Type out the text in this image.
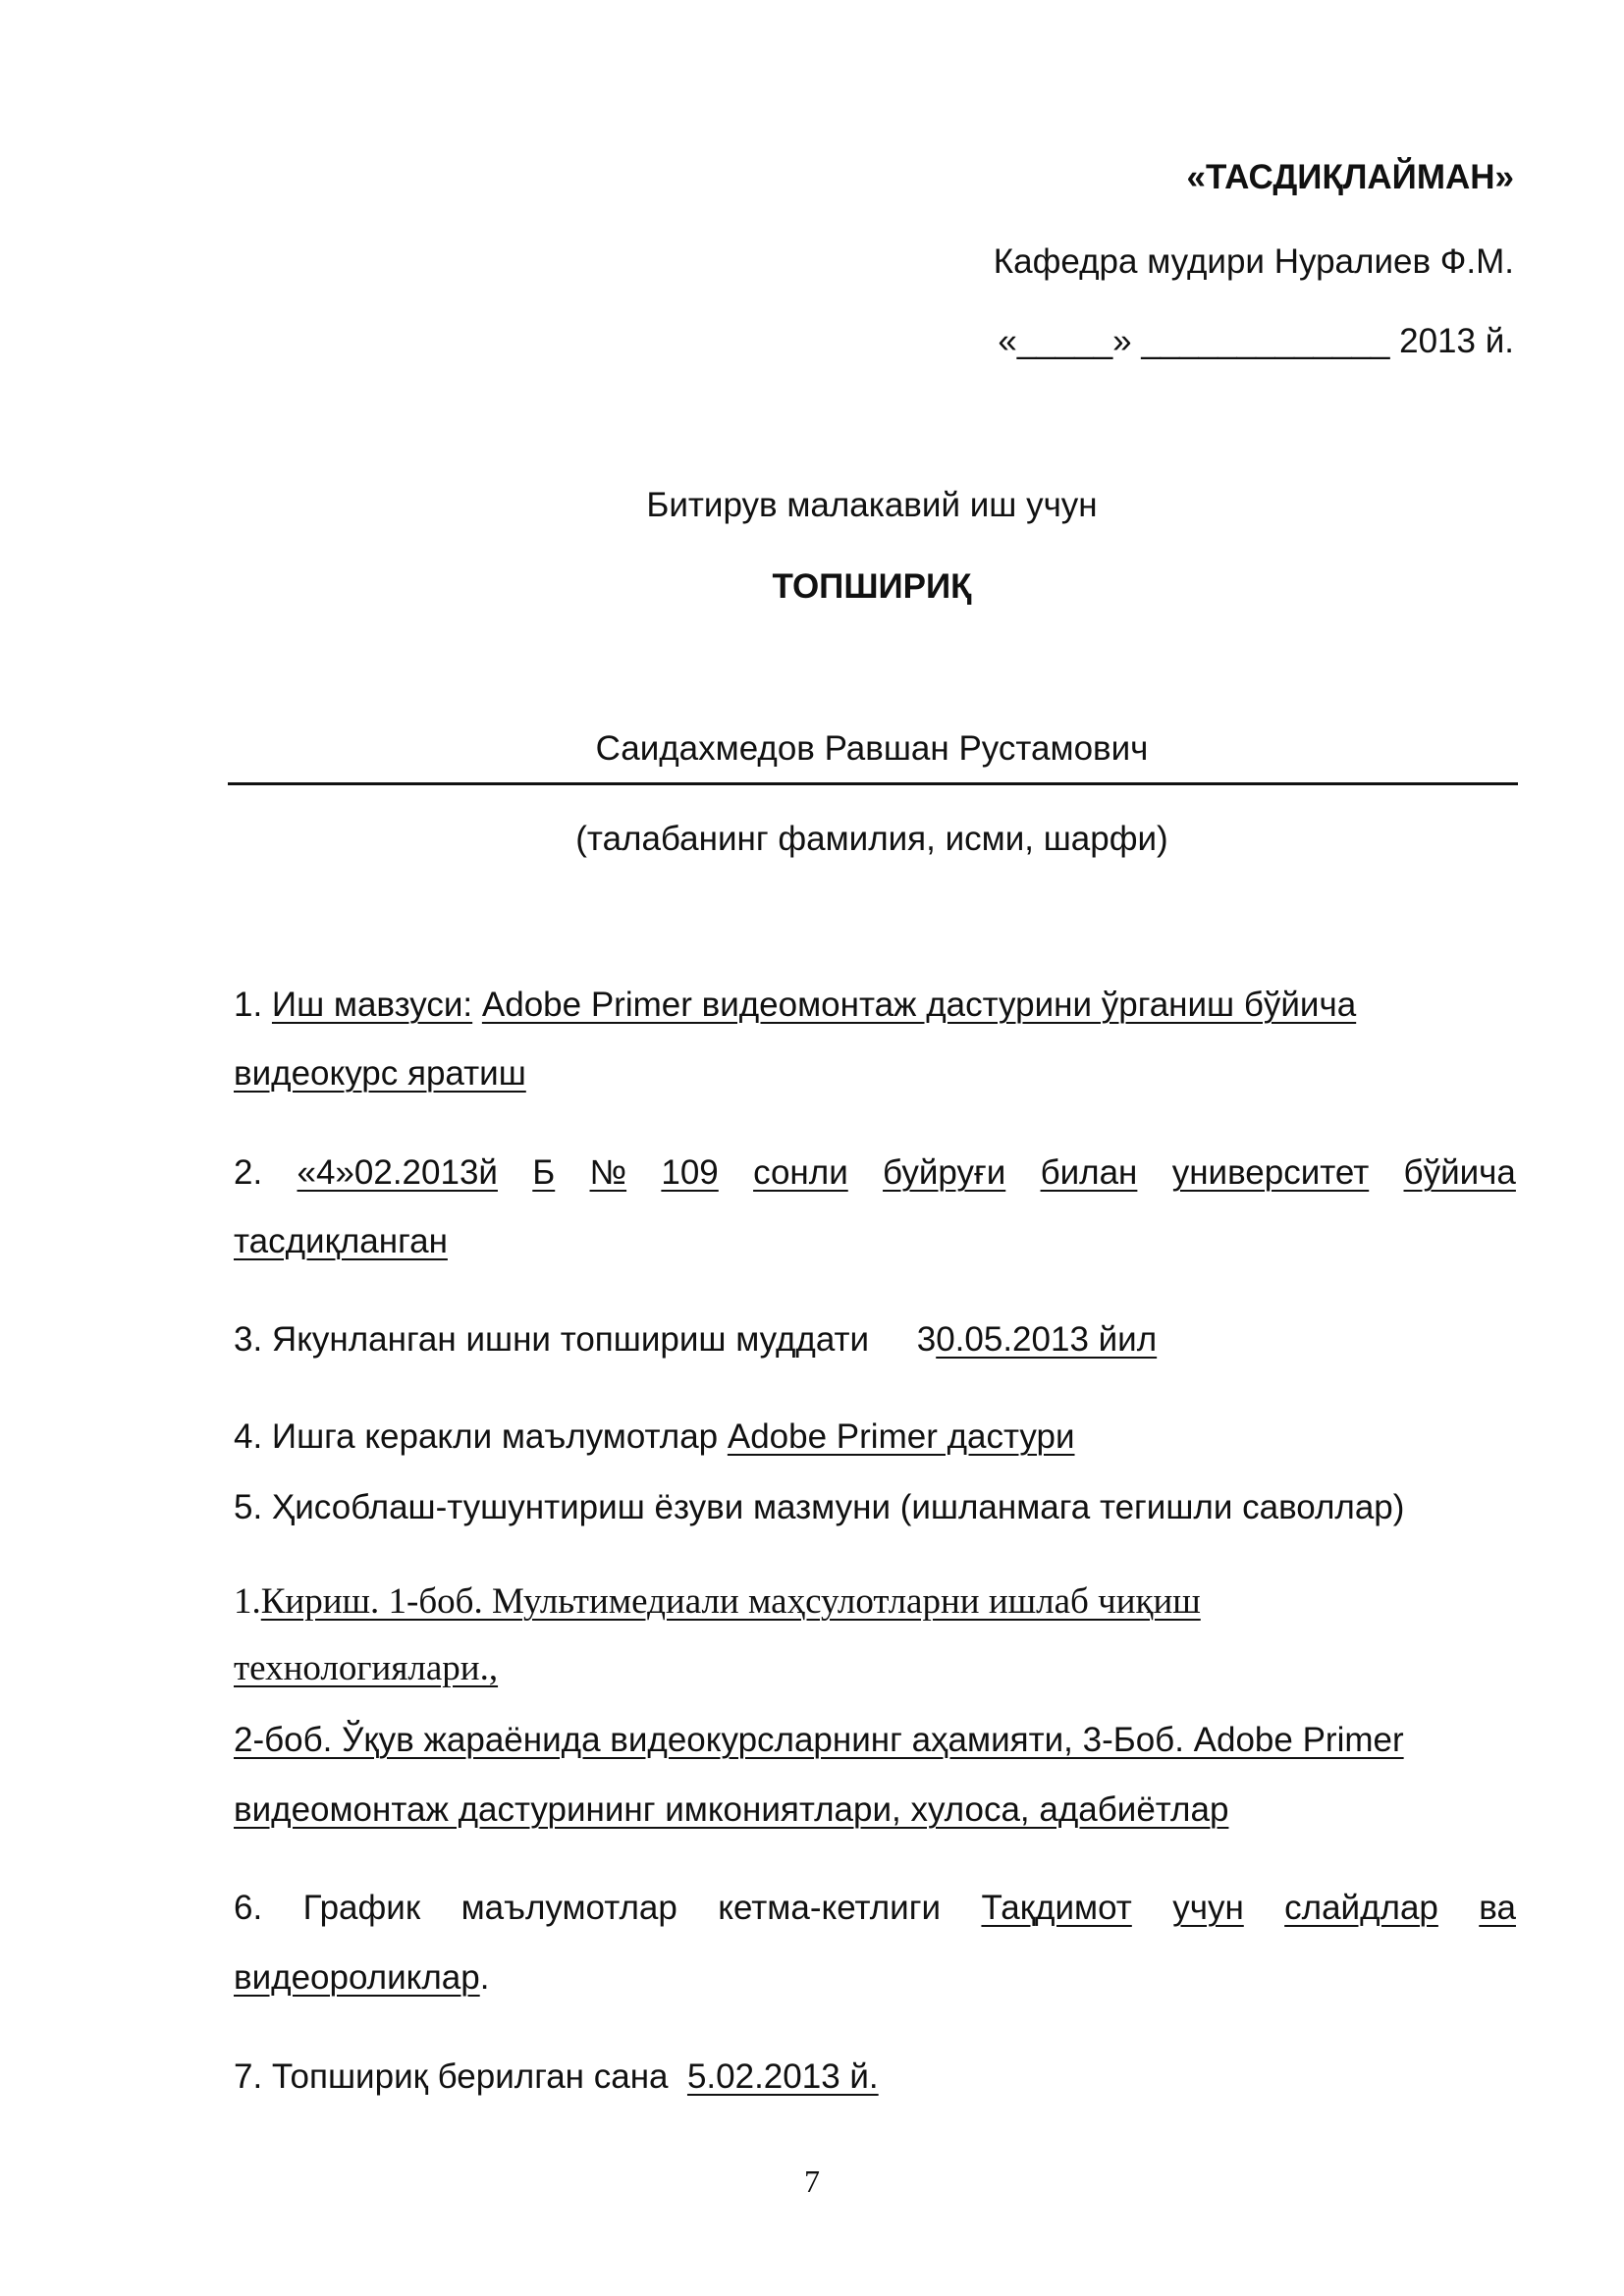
«ТАСДИҚЛАЙМАН»
Кафедра мудири Нуралиев Ф.М.
«_____» _____________ 2013 й.
Битирув малакавий иш учун
ТОПШИРИҚ
Саидахмедов Равшан Рустамович
(талабанинг фамилия, исми, шарфи)
1. Иш мавзуси: Adobe Primer видеомонтаж дастурини ўрганиш бўйича
видеокурс яратиш
2. «4»02.2013й Б № 109 сонли буйруғи билан университет бўйича
тасдиқланган
3. Якунланган ишни топшириш муддати 30.05.2013 йил
4. Ишга керакли маълумотлар Adobe Primer дастури
5. Ҳисоблаш-тушунтириш ёзуви мазмуни (ишланмага тегишли саволлар)
1.Кириш. 1-боб. Мультимедиали маҳсулотларни ишлаб чиқиш
технологиялари.,
2-боб. Ўқув жараёнида видеокурсларнинг аҳамияти, 3-Боб. Adobe Primer
видеомонтаж дастурининг имкониятлари, хулоса, адабиётлар
6. График маълумотлар кетма-кетлиги Тақдимот учун слайдлар ва
видеороликлар.
7. Топшириқ берилган сана  5.02.2013 й.
7
